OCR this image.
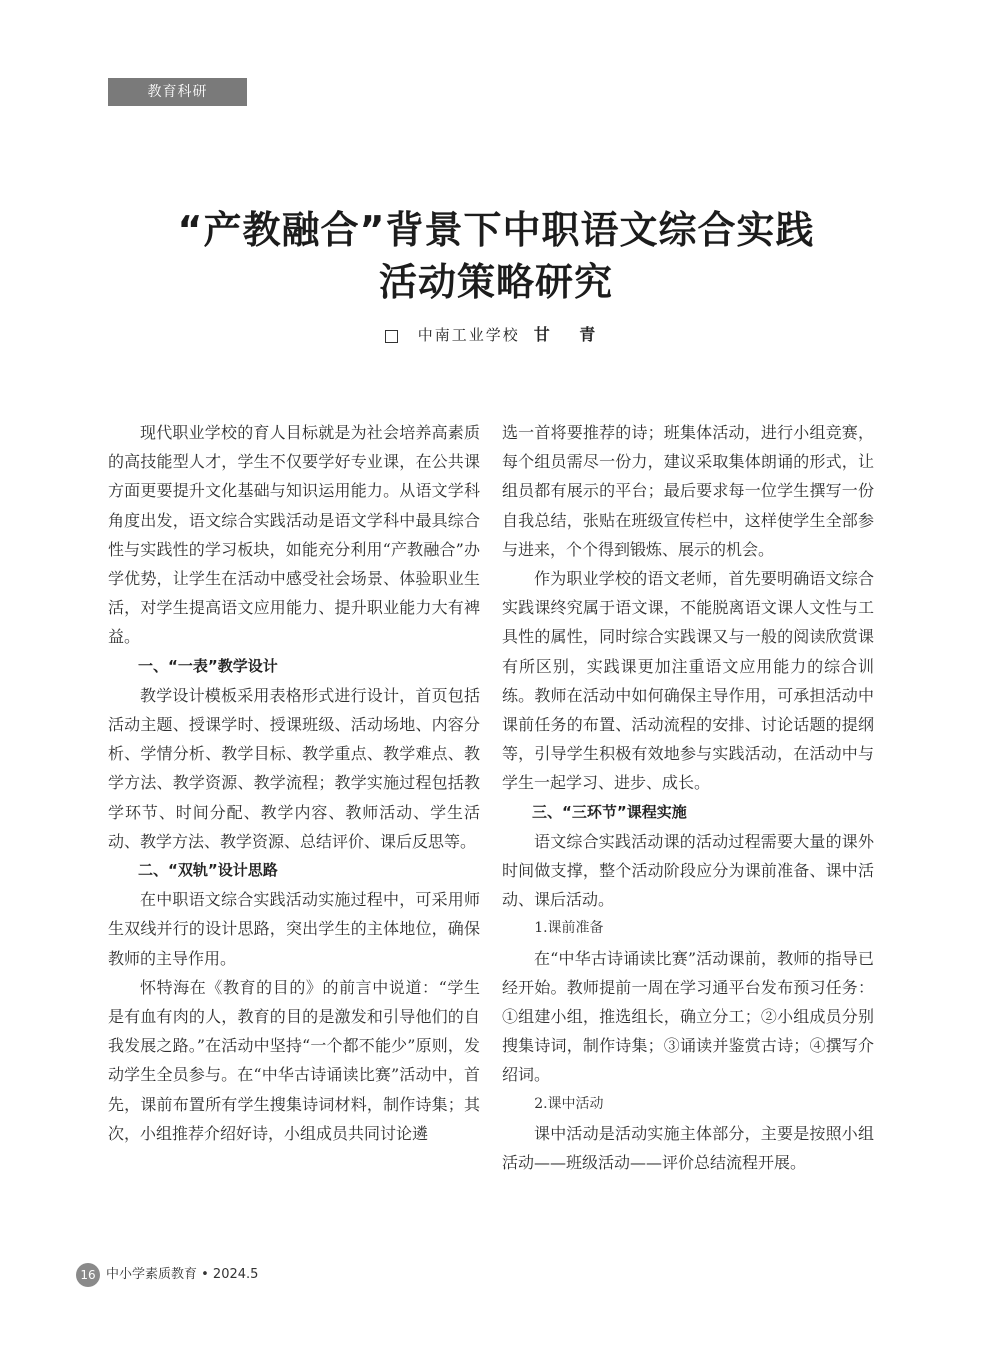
教育科研
“产教融合”背景下中职语文综合实践
活动策略研究
中南工业学校 甘 青

现代职业学校的育人目标就是为社会培养高素质的高技能型人才，学生不仅要学好专业课，在公共课方面更要提升文化基础与知识运用能力。从语文学科角度出发，语文综合实践活动是语文学科中最具综合性与实践性的学习板块，如能充分利用“产教融合”办学优势，让学生在活动中感受社会场景、体验职业生活，对学生提高语文应用能力、提升职业能力大有裨益。

一、“一表”教学设计

教学设计模板采用表格形式进行设计，首页包括活动主题、授课学时、授课班级、活动场地、内容分析、学情分析、教学目标、教学重点、教学难点、教学方法、教学资源、教学流程；教学实施过程包括教学环节、时间分配、教学内容、教师活动、学生活动、教学方法、教学资源、总结评价、课后反思等。

二、“双轨”设计思路

在中职语文综合实践活动实施过程中，可采用师生双线并行的设计思路，突出学生的主体地位，确保教师的主导作用。

怀特海在《教育的目的》的前言中说道：“学生是有血有肉的人，教育的目的是激发和引导他们的自我发展之路。”在活动中坚持“一个都不能少”原则，发动学生全员参与。在“中华古诗诵读比赛”活动中，首先，课前布置所有学生搜集诗词材料，制作诗集；其次，小组推荐介绍好诗，小组成员共同讨论遴

选一首将要推荐的诗；班集体活动，进行小组竞赛，每个组员需尽一份力，建议采取集体朗诵的形式，让组员都有展示的平台；最后要求每一位学生撰写一份自我总结，张贴在班级宣传栏中，这样使学生全部参与进来，个个得到锻炼、展示的机会。

作为职业学校的语文老师，首先要明确语文综合实践课终究属于语文课，不能脱离语文课人文性与工具性的属性，同时综合实践课又与一般的阅读欣赏课有所区别，实践课更加注重语文应用能力的综合训练。教师在活动中如何确保主导作用，可承担活动中课前任务的布置、活动流程的安排、讨论话题的提纲等，引导学生积极有效地参与实践活动，在活动中与学生一起学习、进步、成长。

三、“三环节”课程实施

语文综合实践活动课的活动过程需要大量的课外时间做支撑，整个活动阶段应分为课前准备、课中活动、课后活动。

1.课前准备

在“中华古诗诵读比赛”活动课前，教师的指导已经开始。教师提前一周在学习通平台发布预习任务：①组建小组，推选组长，确立分工；②小组成员分别搜集诗词，制作诗集；③诵读并鉴赏古诗；④撰写介绍词。

2.课中活动

课中活动是活动实施主体部分，主要是按照小组活动——班级活动——评价总结流程开展。

16 中小学素质教育 • 2024.5
